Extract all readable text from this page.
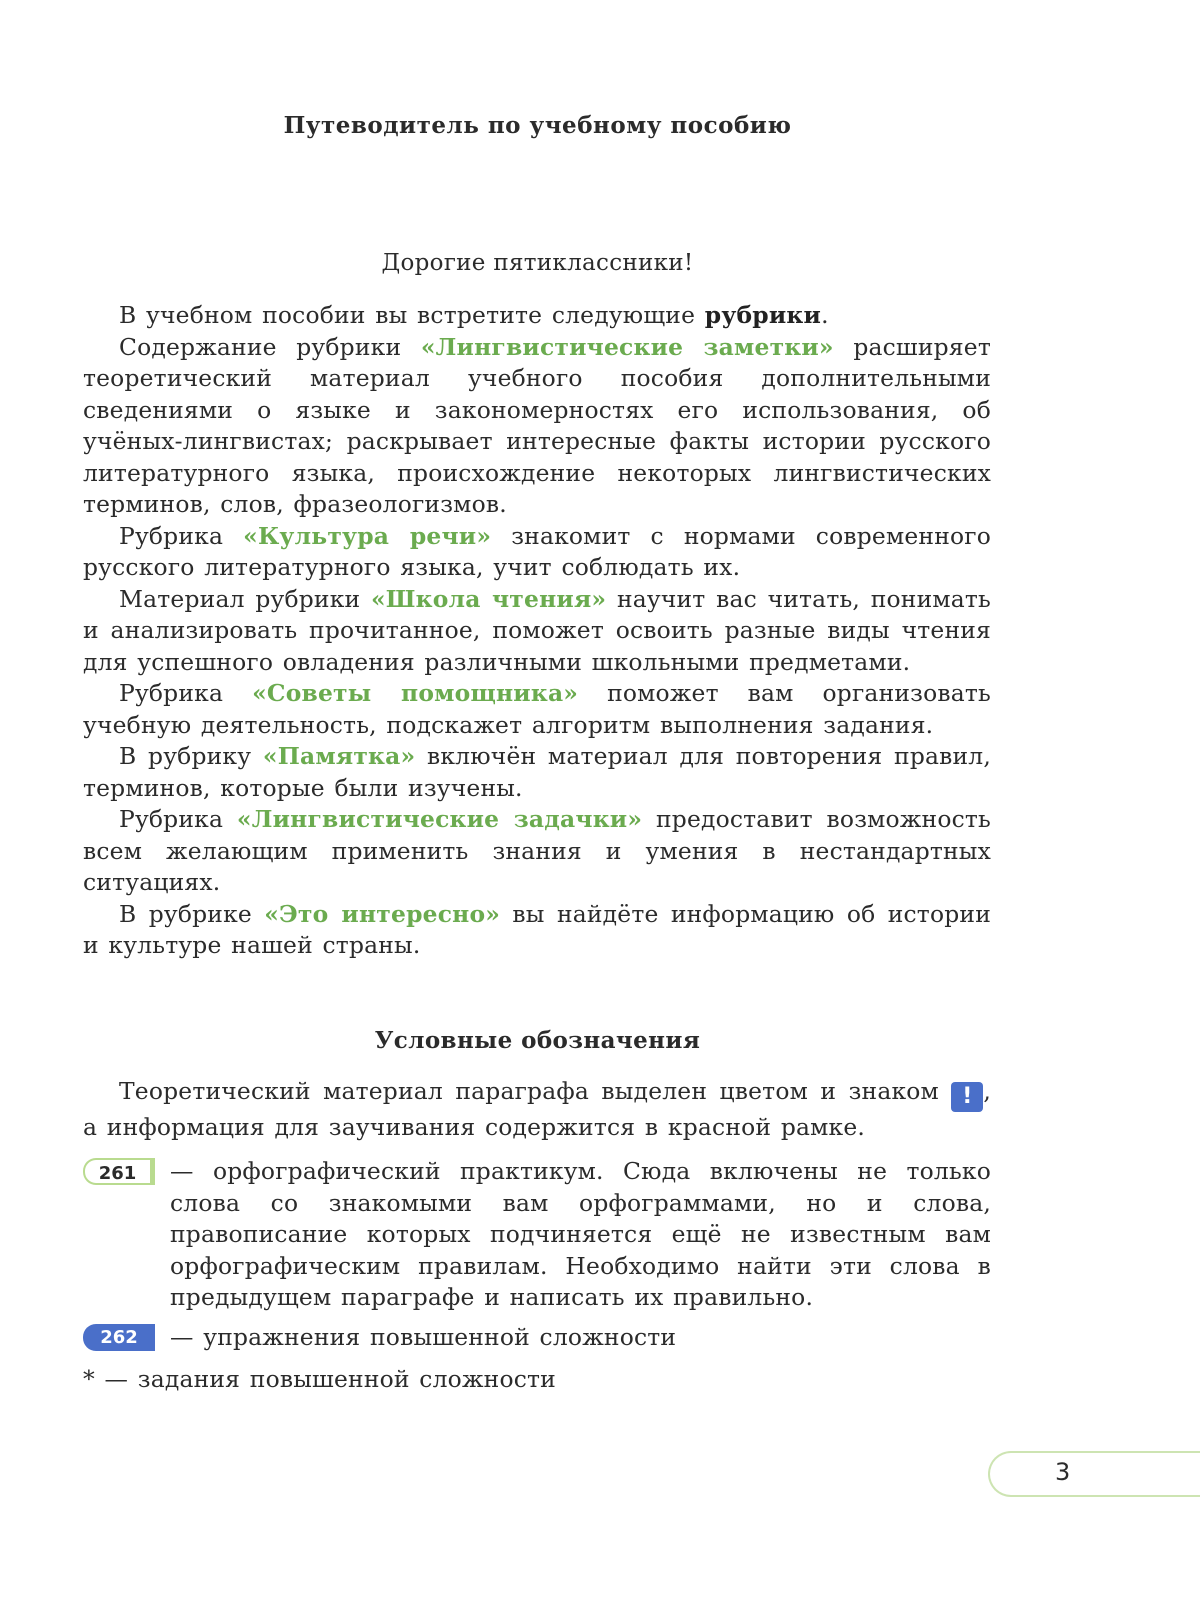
Путеводитель по учебному пособию
Дорогие пятиклассники!

В учебном пособии вы встретите следующие рубрики.

Содержание рубрики «Лингвистические заметки» расширяет теоретический материал учебного пособия дополнительными сведениями о языке и закономерностях его использования, об учёных-лингвистах; раскрывает интересные факты истории русского литературного языка, происхождение некоторых лингвистических терминов, слов, фразеологизмов.

Рубрика «Культура речи» знакомит с нормами современного русского литературного языка, учит соблюдать их.

Материал рубрики «Школа чтения» научит вас читать, понимать и анализировать прочитанное, поможет освоить разные виды чтения для успешного овладения различными школьными предметами.

Рубрика «Советы помощника» поможет вам организовать учебную деятельность, подскажет алгоритм выполнения задания.

В рубрику «Памятка» включён материал для повторения правил, терминов, которые были изучены.

Рубрика «Лингвистические задачки» предоставит возможность всем желающим применить знания и умения в нестандартных ситуациях.

В рубрике «Это интересно» вы найдёте информацию об истории и культуре нашей страны.

Условные обозначения

Теоретический материал параграфа выделен цветом и знаком ! , а информация для заучивания содержится в красной рамке.

261	— орфографический практикум. Сюда включены не только слова со знакомыми вам орфограммами, но и слова, правописание которых подчиняется ещё не известным вам орфографическим правилам. Необходимо найти эти слова в предыдущем параграфе и написать их правильно.

262	— упражнения повышенной сложности

* — задания повышенной сложности

3
